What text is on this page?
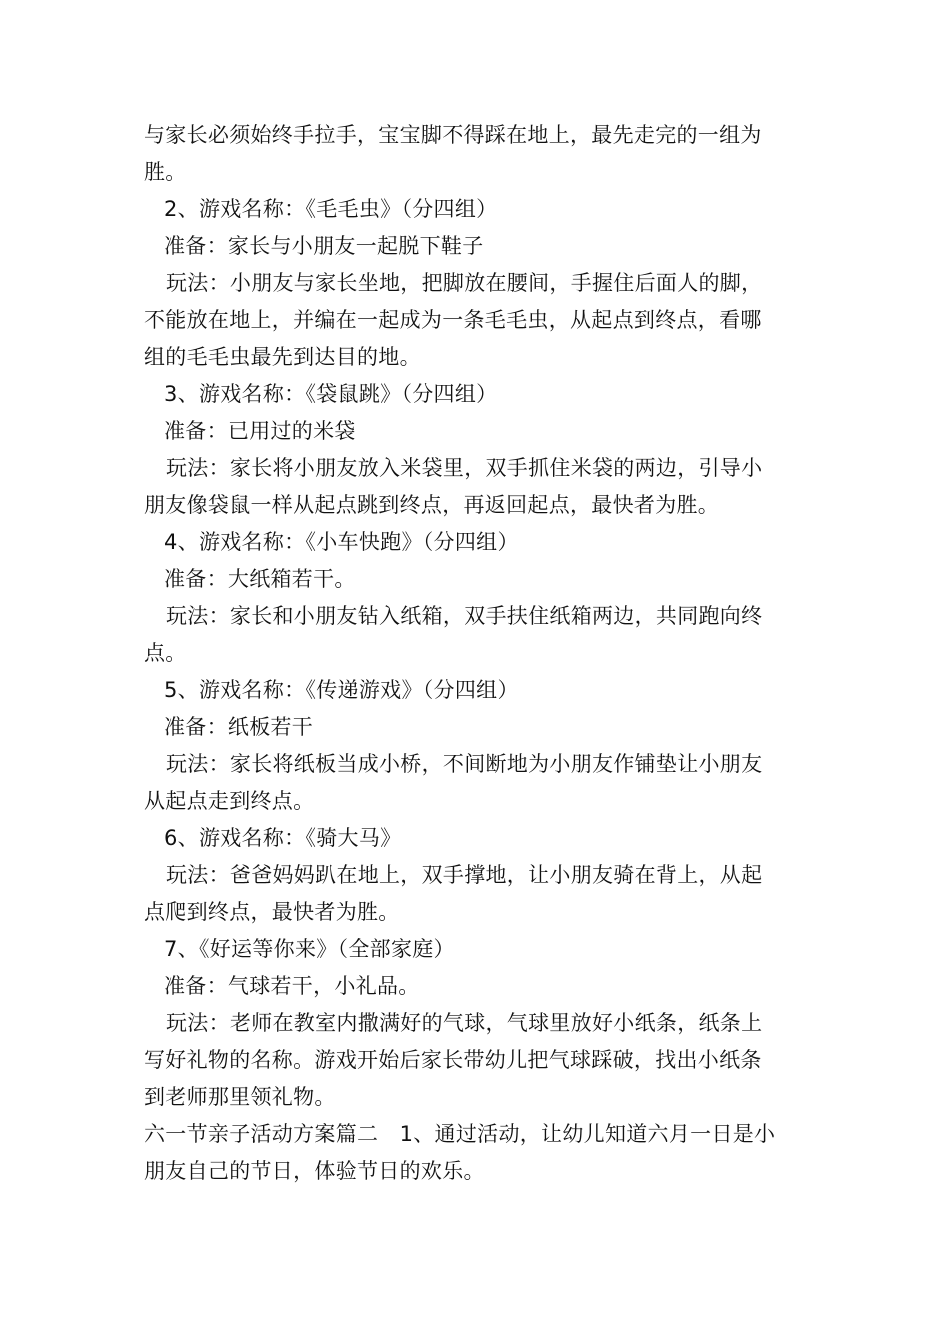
与家长必须始终手拉手，宝宝脚不得踩在地上，最先走完的一组为
胜。
2、游戏名称：《毛毛虫》（分四组）
准备：家长与小朋友一起脱下鞋子
玩法：小朋友与家长坐地，把脚放在腰间，手握住后面人的脚，
不能放在地上，并编在一起成为一条毛毛虫，从起点到终点，看哪
组的毛毛虫最先到达目的地。
3、游戏名称：《袋鼠跳》（分四组）
准备：已用过的米袋
玩法：家长将小朋友放入米袋里，双手抓住米袋的两边，引导小
朋友像袋鼠一样从起点跳到终点，再返回起点，最快者为胜。
4、游戏名称：《小车快跑》（分四组）
准备：大纸箱若干。
玩法：家长和小朋友钻入纸箱，双手扶住纸箱两边，共同跑向终
点。
5、游戏名称：《传递游戏》（分四组）
准备：纸板若干
玩法：家长将纸板当成小桥，不间断地为小朋友作铺垫让小朋友
从起点走到终点。
6、游戏名称：《骑大马》
玩法：爸爸妈妈趴在地上，双手撑地，让小朋友骑在背上，从起
点爬到终点，最快者为胜。
7、《好运等你来》（全部家庭）
准备：气球若干，小礼品。
玩法：老师在教室内撒满好的气球，气球里放好小纸条，纸条上
写好礼物的名称。游戏开始后家长带幼儿把气球踩破，找出小纸条
到老师那里领礼物。
六一节亲子活动方案篇二　1、通过活动，让幼儿知道六月一日是小
朋友自己的节日，体验节日的欢乐。
